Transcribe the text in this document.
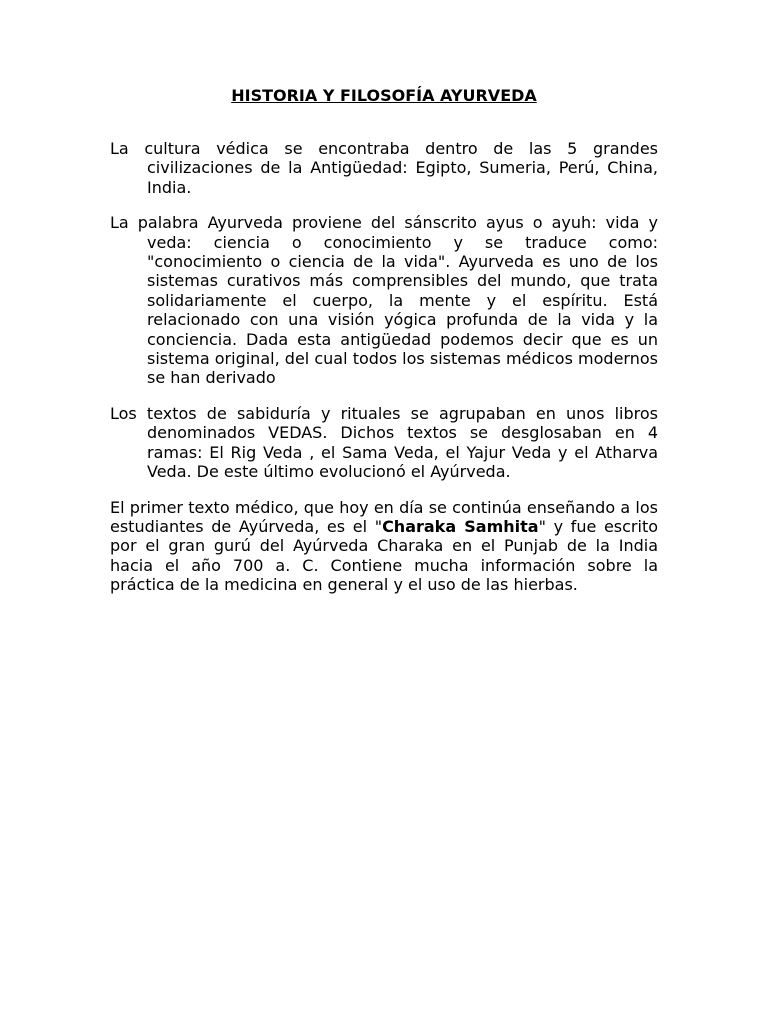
HISTORIA Y FILOSOFÍA AYURVEDA

La cultura védica se encontraba dentro de las 5 grandes civilizaciones de la Antigüedad: Egipto, Sumeria, Perú, China, India.

La palabra Ayurveda proviene del sánscrito ayus o ayuh: vida y veda: ciencia o conocimiento y se traduce como: "conocimiento o ciencia de la vida". Ayurveda es uno de los sistemas curativos más comprensibles del mundo, que trata solidariamente el cuerpo, la mente y el espíritu. Está relacionado con una visión yógica profunda de la vida y la conciencia. Dada esta antigüedad podemos decir que es un sistema original, del cual todos los sistemas médicos modernos se han derivado

Los textos de sabiduría y rituales se agrupaban en unos libros denominados VEDAS. Dichos textos se desglosaban en 4 ramas: El Rig Veda , el Sama Veda, el Yajur Veda y el Atharva Veda. De este último evolucionó el Ayúrveda.

El primer texto médico, que hoy en día se continúa enseñando a los estudiantes de Ayúrveda, es el "Charaka Samhita" y fue escrito por el gran gurú del Ayúrveda Charaka en el Punjab de la India hacia el año 700 a. C. Contiene mucha información sobre la práctica de la medicina en general y el uso de las hierbas.
